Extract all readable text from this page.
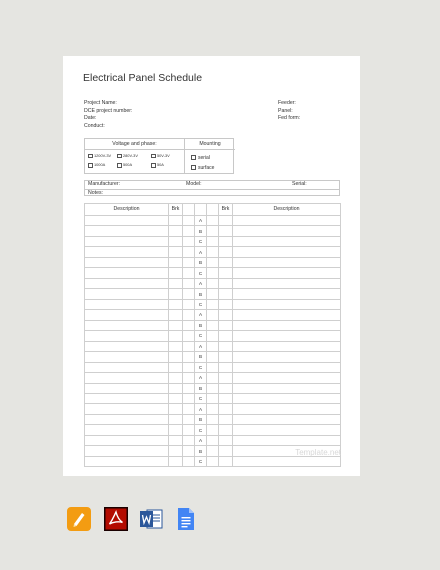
Electrical Panel Schedule
Project Name:
DCE project number:
Date:
Conduct:
Feeder:
Panel:
Fed form:
Voltage and phase:
1200V-3V	280V-3V	50V-3V
1000A	500A	50A
Mounting
serial
surface
Manufacturer:	Model:	Serial:
Notes:
Description	Brk				Brk	Description
			A			
			B			
			C			
			A			
			B			
			C			
			A			
			B			
			C			
			A			
			B			
			C			
			A			
			B			
			C			
			A			
			B			
			C			
			A			
			B			
			C			
			A			
			B			
			C			
Template.net
